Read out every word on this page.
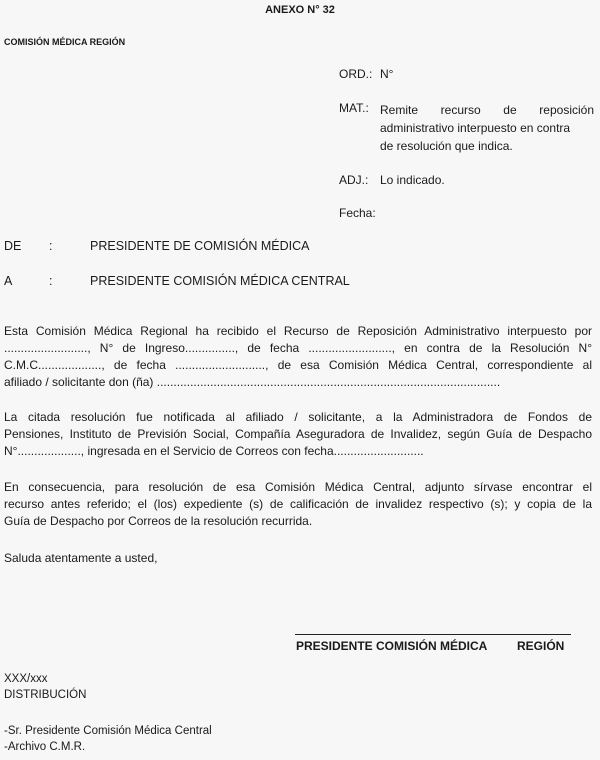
ANEXO N° 32
COMISIÓN MÉDICA REGIÓN
ORD.: N°
MAT.: Remite recurso de reposición
administrativo interpuesto en contra
de resolución que indica.
ADJ.: Lo indicado.
Fecha:
DE :	PRESIDENTE DE COMISIÓN MÉDICA
A	:	PRESIDENTE COMISIÓN MÉDICA CENTRAL
Esta Comisión Médica Regional ha recibido el Recurso de Reposición Administrativo interpuesto por
........................., N° de Ingreso..............., de fecha ........................., en contra de la Resolución N°
C.M.C..................., de fecha ..........................., de esa Comisión Médica Central, correspondiente al
afiliado / solicitante don (ña) .......................................................................................................
La citada resolución fue notificada al afiliado / solicitante, a la Administradora de Fondos de
Pensiones, Instituto de Previsión Social, Compañía Aseguradora de Invalidez, según Guía de Despacho
N°..................., ingresada en el Servicio de Correos con fecha...........................
En consecuencia, para resolución de esa Comisión Médica Central, adjunto sírvase encontrar el
recurso antes referido; el (los) expediente (s) de calificación de invalidez respectivo (s); y copia de la
Guía de Despacho por Correos de la resolución recurrida.
Saluda atentamente a usted,
PRESIDENTE COMISIÓN MÉDICA REGIÓN
XXX/xxx
DISTRIBUCIÓN
-Sr. Presidente Comisión Médica Central
-Archivo C.M.R.
